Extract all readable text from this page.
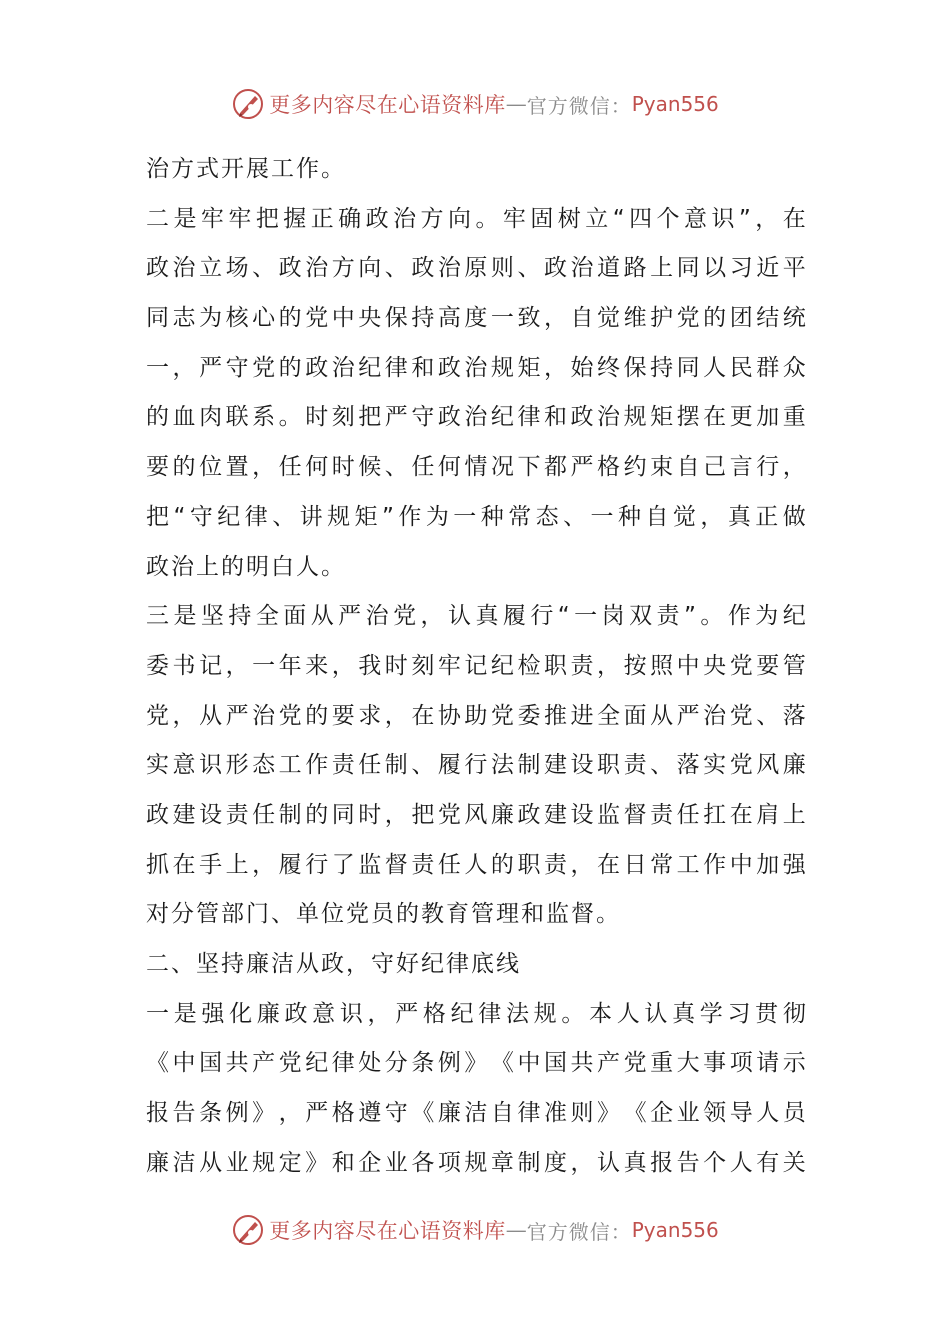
更多内容尽在心语资料库 — 官方微信： Pyan556
治方式开展工作。
二 是 牢 牢 把 握 正 确 政 治 方 向 。 牢 固 树 立 “ 四 个 意 识 ” ， 在
政 治 立 场 、 政 治 方 向 、 政 治 原 则 、 政 治 道 路 上 同 以 习 近 平
同 志 为 核 心 的 党 中 央 保 持 高 度 一 致 ， 自 觉 维 护 党 的 团 结 统
一 ， 严 守 党 的 政 治 纪 律 和 政 治 规 矩 ， 始 终 保 持 同 人 民 群 众
的 血 肉 联 系 。 时 刻 把 严 守 政 治 纪 律 和 政 治 规 矩 摆 在 更 加 重
要 的 位 置 ， 任 何 时 候 、 任 何 情 况 下 都 严 格 约 束 自 己 言 行 ，
把 “ 守 纪 律 、 讲 规 矩 ” 作 为 一 种 常 态 、 一 种 自 觉 ， 真 正 做
政治上的明白人。
三 是 坚 持 全 面 从 严 治 党 ， 认 真 履 行 “ 一 岗 双 责 ” 。 作 为 纪
委 书 记 ， 一 年 来 ， 我 时 刻 牢 记 纪 检 职 责 ， 按 照 中 央 党 要 管
党 ， 从 严 治 党 的 要 求 ， 在 协 助 党 委 推 进 全 面 从 严 治 党 、 落
实 意 识 形 态 工 作 责 任 制 、 履 行 法 制 建 设 职 责 、 落 实 党 风 廉
政 建 设 责 任 制 的 同 时 ， 把 党 风 廉 政 建 设 监 督 责 任 扛 在 肩 上
抓 在 手 上 ， 履 行 了 监 督 责 任 人 的 职 责 ， 在 日 常 工 作 中 加 强
对分管部门、单位党员的教育管理和监督。
二、坚持廉洁从政，守好纪律底线
一 是 强 化 廉 政 意 识 ， 严 格 纪 律 法 规 。 本 人 认 真 学 习 贯 彻
《 中 国 共 产 党 纪 律 处 分 条 例 》 《 中 国 共 产 党 重 大 事 项 请 示
报 告 条 例 》 ， 严 格 遵 守 《 廉 洁 自 律 准 则 》 《 企 业 领 导 人 员
廉 洁 从 业 规 定 》 和 企 业 各 项 规 章 制 度 ， 认 真 报 告 个 人 有 关
更多内容尽在心语资料库 — 官方微信： Pyan556
